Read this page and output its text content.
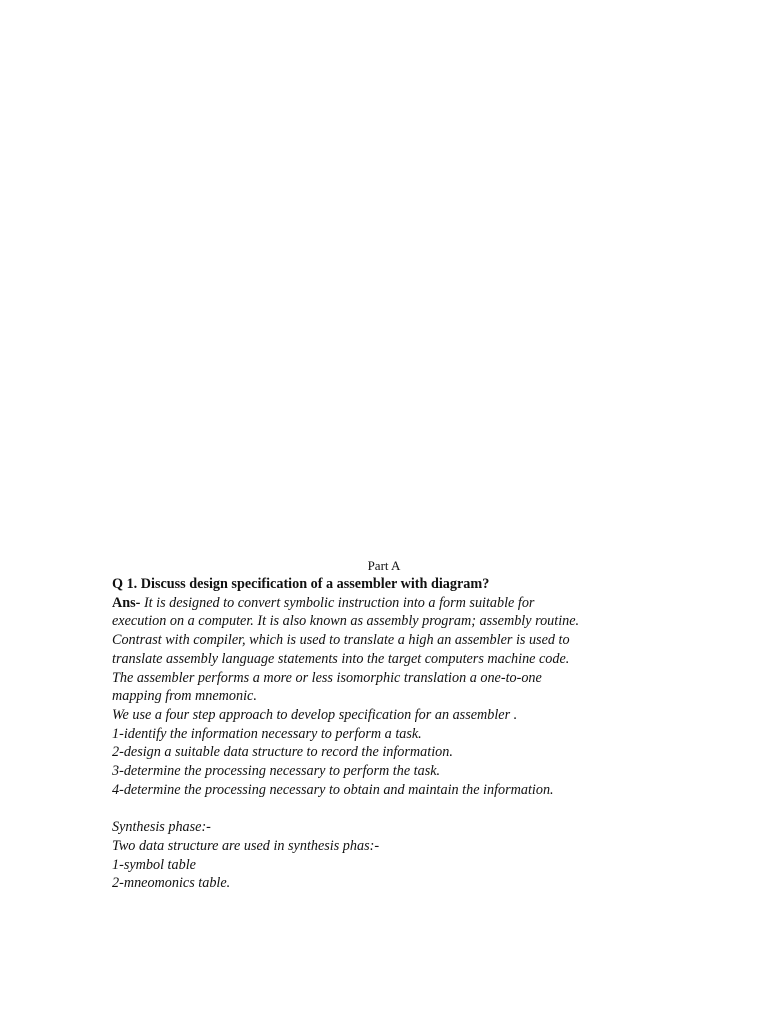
Part A

Q 1. Discuss design specification of a assembler with diagram?

Ans- It is designed to convert symbolic instruction into a form suitable for
execution on a computer. It is also known as assembly program; assembly routine.
Contrast with compiler, which is used to translate a high an assembler is used to
translate assembly language statements into the target computers machine code.
The assembler performs a more or less isomorphic translation a one-to-one
mapping from mnemonic.
We use a four step approach to develop specification for an assembler .
1-identify the information necessary to perform a task.
2-design a suitable data structure to record the information.
3-determine the processing necessary to perform the task.
4-determine the processing necessary to obtain and maintain the information.
Synthesis phase:-
Two data structure are used in synthesis phas:-
1-symbol table
2-mneomonics table.
